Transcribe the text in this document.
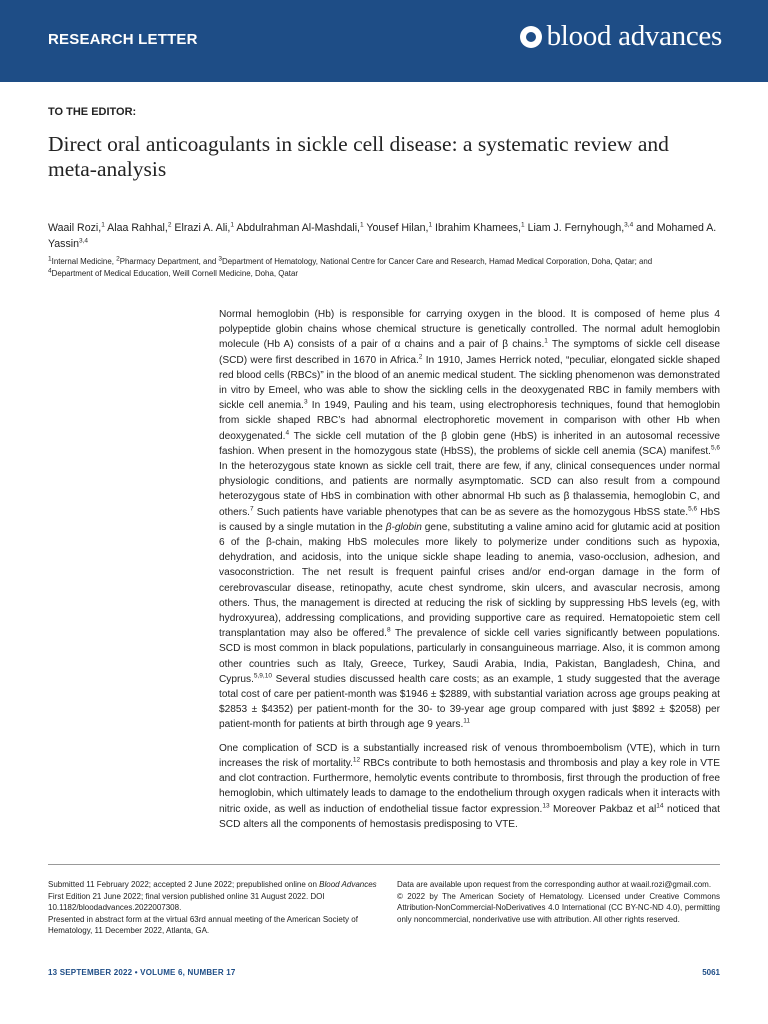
RESEARCH LETTER	blood advances
TO THE EDITOR:
Direct oral anticoagulants in sickle cell disease: a systematic review and meta-analysis
Waail Rozi,$^1$ Alaa Rahhal,$^2$ Elrazi A. Ali,$^1$ Abdulrahman Al-Mashdali,$^1$ Yousef Hilan,$^1$ Ibrahim Khamees,$^1$ Liam J. Fernyhough,$^{3,4}$ and Mohamed A. Yassin$^{3,4}$
$^1$Internal Medicine, $^2$Pharmacy Department, and $^3$Department of Hematology, National Centre for Cancer Care and Research, Hamad Medical Corporation, Doha, Qatar; and
$^4$Department of Medical Education, Weill Cornell Medicine, Doha, Qatar

Normal hemoglobin (Hb) is responsible for carrying oxygen in the blood. It is composed of heme plus 4 polypeptide globin chains whose chemical structure is genetically controlled. The normal adult hemoglobin molecule (Hb A) consists of a pair of α chains and a pair of β chains.$^1$ The symptoms of sickle cell disease (SCD) were first described in 1670 in Africa.$^2$ In 1910, James Herrick noted, “peculiar, elongated sickle shaped red blood cells (RBCs)” in the blood of an anemic medical student. The sickling phenomenon was demonstrated in vitro by Emeel, who was able to show the sickling cells in the deoxygenated RBC in family members with sickle cell anemia.$^3$ In 1949, Pauling and his team, using electrophoresis techniques, found that hemoglobin from sickle shaped RBC’s had abnormal electrophoretic movement in comparison with other Hb when deoxygenated.$^4$ The sickle cell mutation of the β globin gene (HbS) is inherited in an autosomal recessive fashion. When present in the homozygous state (HbSS), the problems of sickle cell anemia (SCA) manifest.$^{5,6}$ In the heterozygous state known as sickle cell trait, there are few, if any, clinical consequences under normal physiologic conditions, and patients are normally asymptomatic. SCD can also result from a compound heterozygous state of HbS in combination with other abnormal Hb such as β thalassemia, hemoglobin C, and others.$^7$ Such patients have variable phenotypes that can be as severe as the homozygous HbSS state.$^{5,6}$ HbS is caused by a single mutation in the β-globin gene, substituting a valine amino acid for glutamic acid at position 6 of the β-chain, making HbS molecules more likely to polymerize under conditions such as hypoxia, dehydration, and acidosis, into the unique sickle shape leading to anemia, vaso-occlusion, adhesion, and vasoconstriction. The net result is frequent painful crises and/or end-organ damage in the form of cerebrovascular disease, retinopathy, acute chest syndrome, skin ulcers, and avascular necrosis, among others. Thus, the management is directed at reducing the risk of sickling by suppressing HbS levels (eg, with hydroxyurea), addressing complications, and providing supportive care as required. Hematopoietic stem cell transplantation may also be offered.$^8$ The prevalence of sickle cell varies significantly between populations. SCD is most common in black populations, particularly in consanguineous marriage. Also, it is common among other countries such as Italy, Greece, Turkey, Saudi Arabia, India, Pakistan, Bangladesh, China, and Cyprus.$^{5,9,10}$ Several studies discussed health care costs; as an example, 1 study suggested that the average total cost of care per patient-month was $1946 ± $2889, with substantial variation across age groups peaking at $2853 ± $4352) per patient-month for the 30- to 39-year age group compared with just $892 ± $2058) per patient-month for patients at birth through age 9 years.$^{11}$

One complication of SCD is a substantially increased risk of venous thromboembolism (VTE), which in turn increases the risk of mortality.$^{12}$ RBCs contribute to both hemostasis and thrombosis and play a key role in VTE and clot contraction. Furthermore, hemolytic events contribute to thrombosis, first through the production of free hemoglobin, which ultimately leads to damage to the endothelium through oxygen radicals when it interacts with nitric oxide, as well as induction of endothelial tissue factor expression.$^{13}$ Moreover Pakbaz et $al^{14}$ noticed that SCD alters all the components of hemostasis predisposing to VTE.

Submitted 11 February 2022; accepted 2 June 2022; prepublished online on Blood Advances First Edition 21 June 2022; final version published online 31 August 2022. DOI 10.1182/bloodadvances.2022007308.
Presented in abstract form at the virtual 63rd annual meeting of the American Society of Hematology, 11 December 2022, Atlanta, GA.
Data are available upon request from the corresponding author at waail.rozi@gmail.com.
© 2022 by The American Society of Hematology. Licensed under Creative Commons Attribution-NonCommercial-NoDerivatives 4.0 International (CC BY-NC-ND 4.0), permitting only noncommercial, nonderivative use with attribution. All other rights reserved.
13 SEPTEMBER 2022 • VOLUME 6, NUMBER 17	5061
